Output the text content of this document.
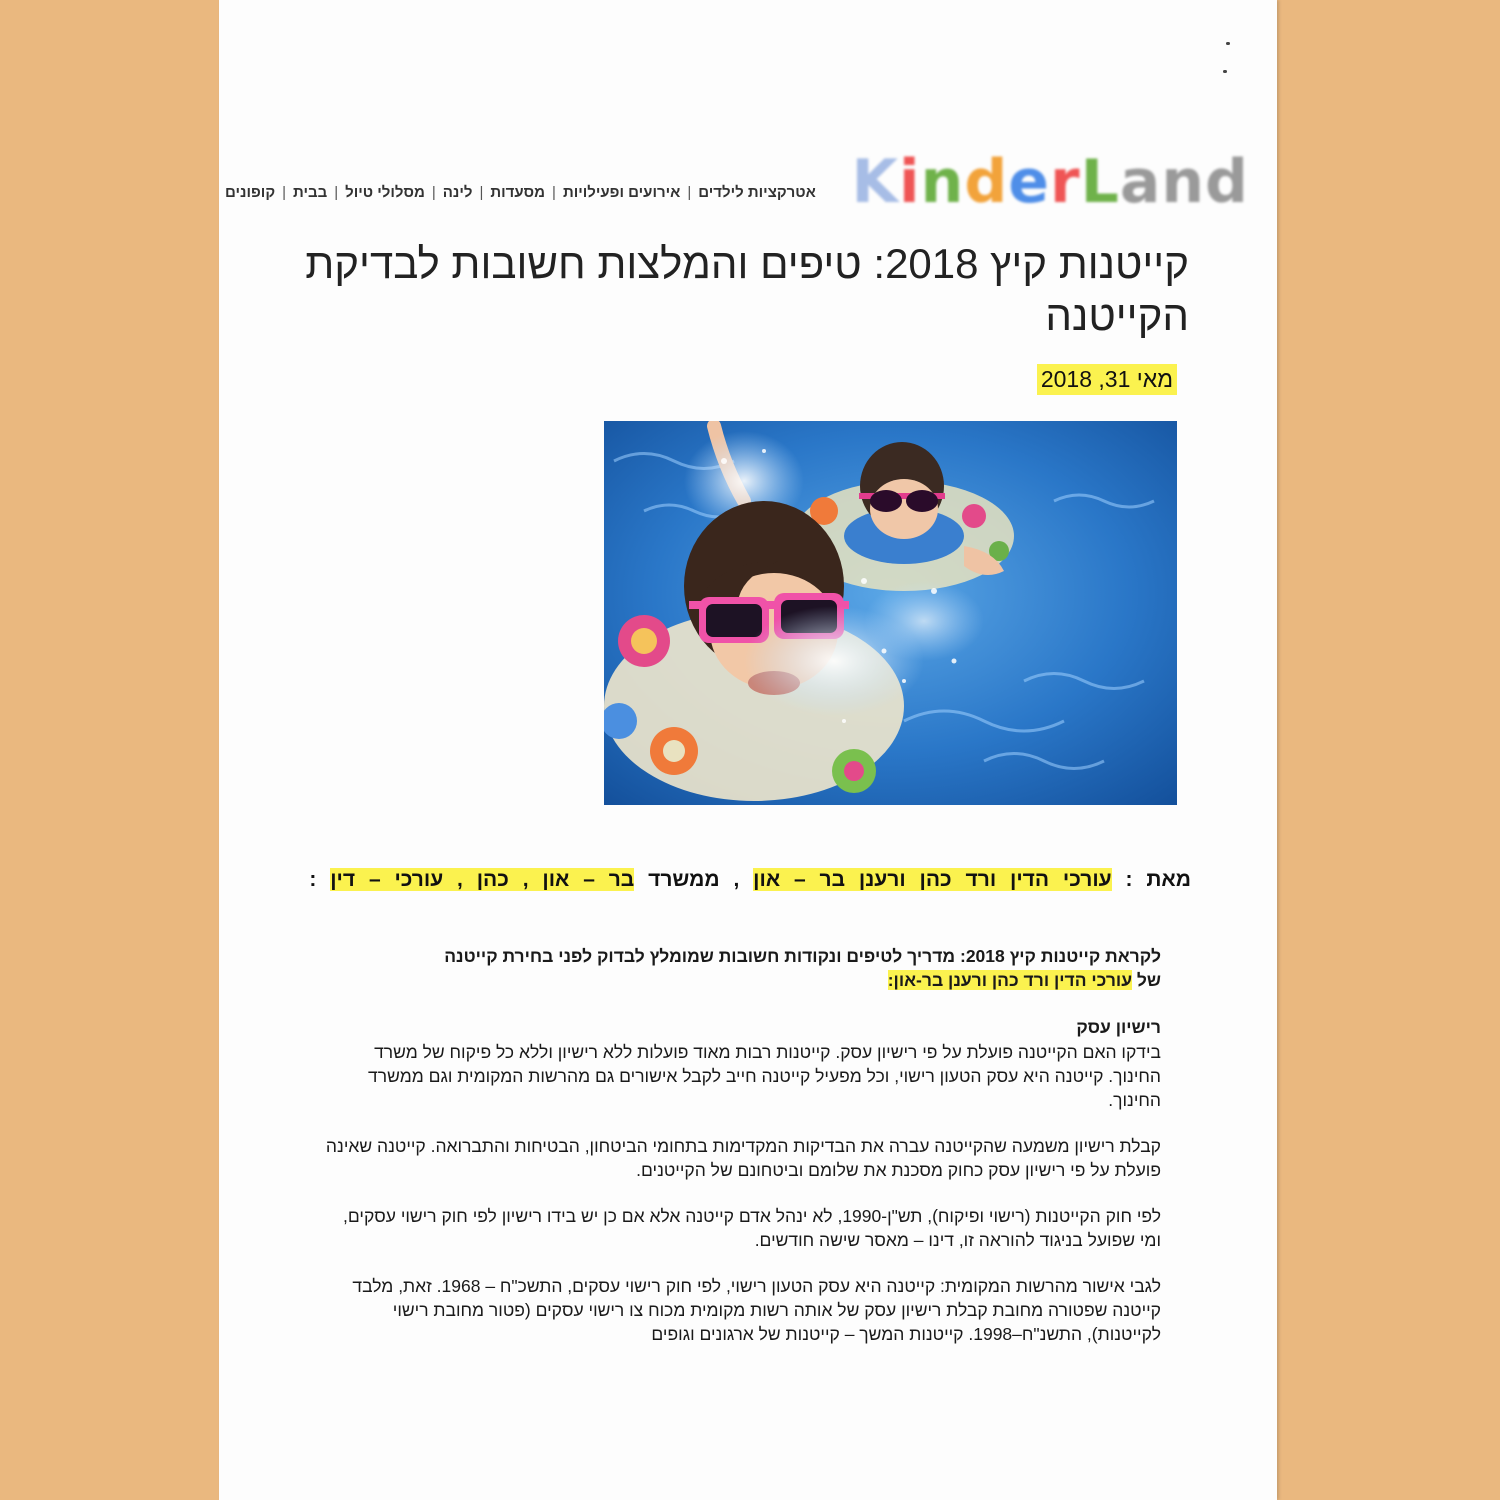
KinderLand
אטרקציות לילדים|אירועים ופעילויות|מסעדות|לינה|מסלולי טיול|בבית|קופונים
קייטנות קיץ 2018: טיפים והמלצות חשובות לבדיקת הקייטנה
מאי 31, 2018
מאת : עורכי הדין ורד כהן ורענן בר – און , ממשרד בר – און , כהן , עורכי – דין :
לקראת קייטנות קיץ 2018: מדריך לטיפים ונקודות חשובות שמומלץ לבדוק לפני בחירת קייטנה
של עורכי הדין ורד כהן ורענן בר-און:
רישיון עסק

בידקו האם הקייטנה פועלת על פי רישיון עסק. קייטנות רבות מאוד פועלות ללא רישיון וללא כל פיקוח של משרד החינוך. קייטנה היא עסק הטעון רישוי, וכל מפעיל קייטנה חייב לקבל אישורים גם מהרשות המקומית וגם ממשרד החינוך.

קבלת רישיון משמעה שהקייטנה עברה את הבדיקות המקדימות בתחומי הביטחון, הבטיחות והתברואה. קייטנה שאינה פועלת על פי רישיון עסק כחוק מסכנת את שלומם וביטחונם של הקייטנים.

לפי חוק הקייטנות (רישוי ופיקוח), תש"ן-1990, לא ינהל אדם קייטנה אלא אם כן יש בידו רישיון לפי חוק רישוי עסקים, ומי שפועל בניגוד להוראה זו, דינו – מאסר שישה חודשים.

לגבי אישור מהרשות המקומית: קייטנה היא עסק הטעון רישוי, לפי חוק רישוי עסקים, התשכ"ח – 1968. זאת, מלבד קייטנה שפטורה מחובת קבלת רישיון עסק של אותה רשות מקומית מכוח צו רישוי עסקים (פטור מחובת רישוי לקייטנות), התשנ"ח–1998. קייטנות המשך – קייטנות של ארגונים וגופים
